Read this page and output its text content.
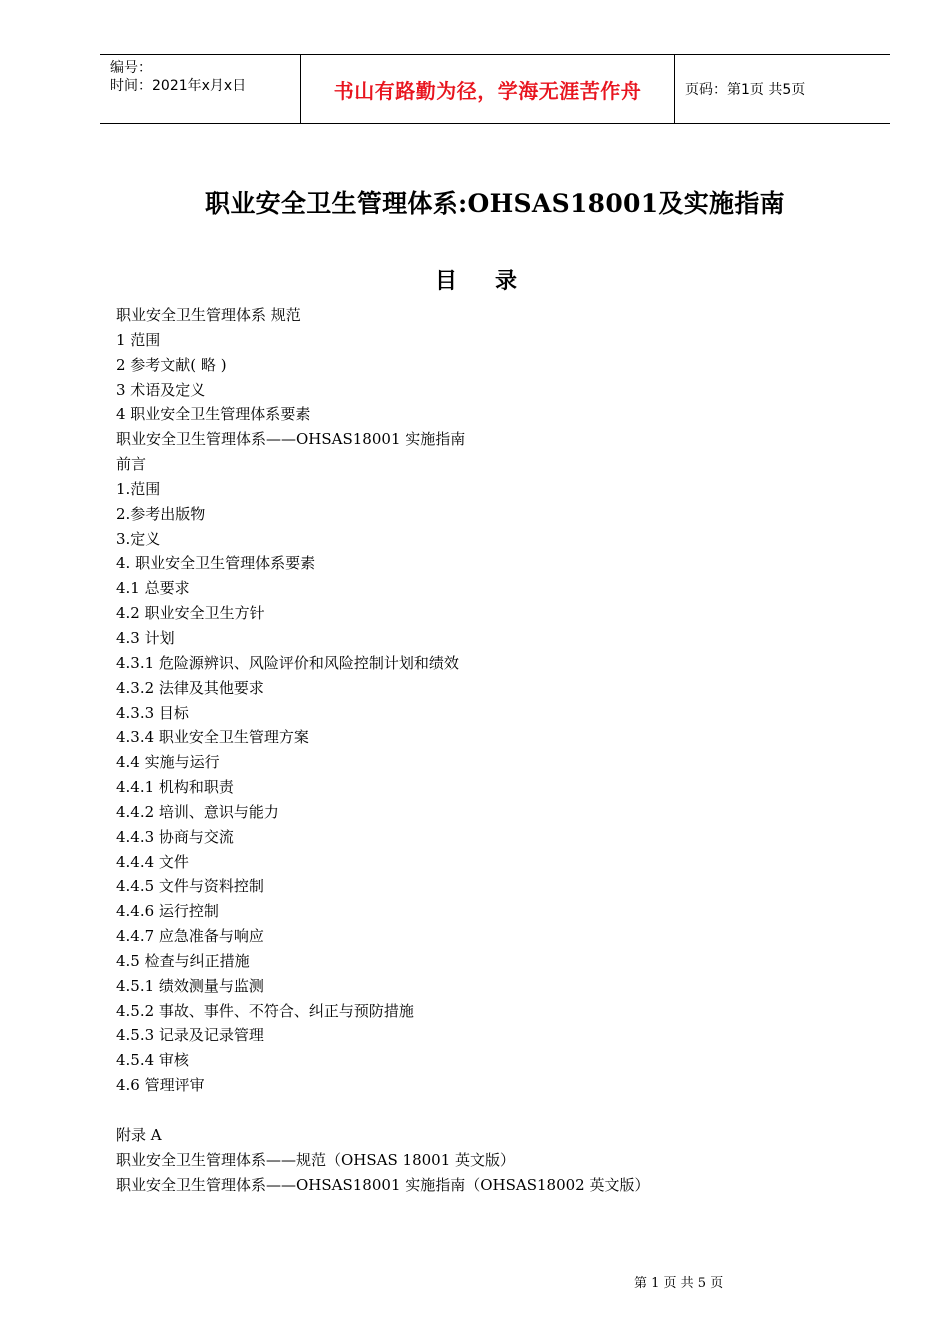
编号：
时间：2021年x月x日	书山有路勤为径，学海无涯苦作舟	页码：第1页 共5页
职业安全卫生管理体系:OHSAS18001及实施指南
目录
职业安全卫生管理体系 规范
1 范围
2 参考文献( 略 )
3 术语及定义
4 职业安全卫生管理体系要素
职业安全卫生管理体系——OHSAS18001 实施指南
前言
1.范围
2.参考出版物
3.定义
4. 职业安全卫生管理体系要素
4.1 总要求
4.2 职业安全卫生方针
4.3 计划
4.3.1 危险源辨识、风险评价和风险控制计划和绩效
4.3.2 法律及其他要求
4.3.3 目标
4.3.4 职业安全卫生管理方案
4.4 实施与运行
4.4.1 机构和职责
4.4.2 培训、意识与能力
4.4.3 协商与交流
4.4.4 文件
4.4.5 文件与资料控制
4.4.6 运行控制
4.4.7 应急准备与响应
4.5 检查与纠正措施
4.5.1 绩效测量与监测
4.5.2 事故、事件、不符合、纠正与预防措施
4.5.3 记录及记录管理
4.5.4 审核
4.6 管理评审
附录 A
职业安全卫生管理体系——规范（OHSAS 18001 英文版）
职业安全卫生管理体系——OHSAS18001 实施指南（OHSAS18002 英文版）
第 1 页 共 5 页
